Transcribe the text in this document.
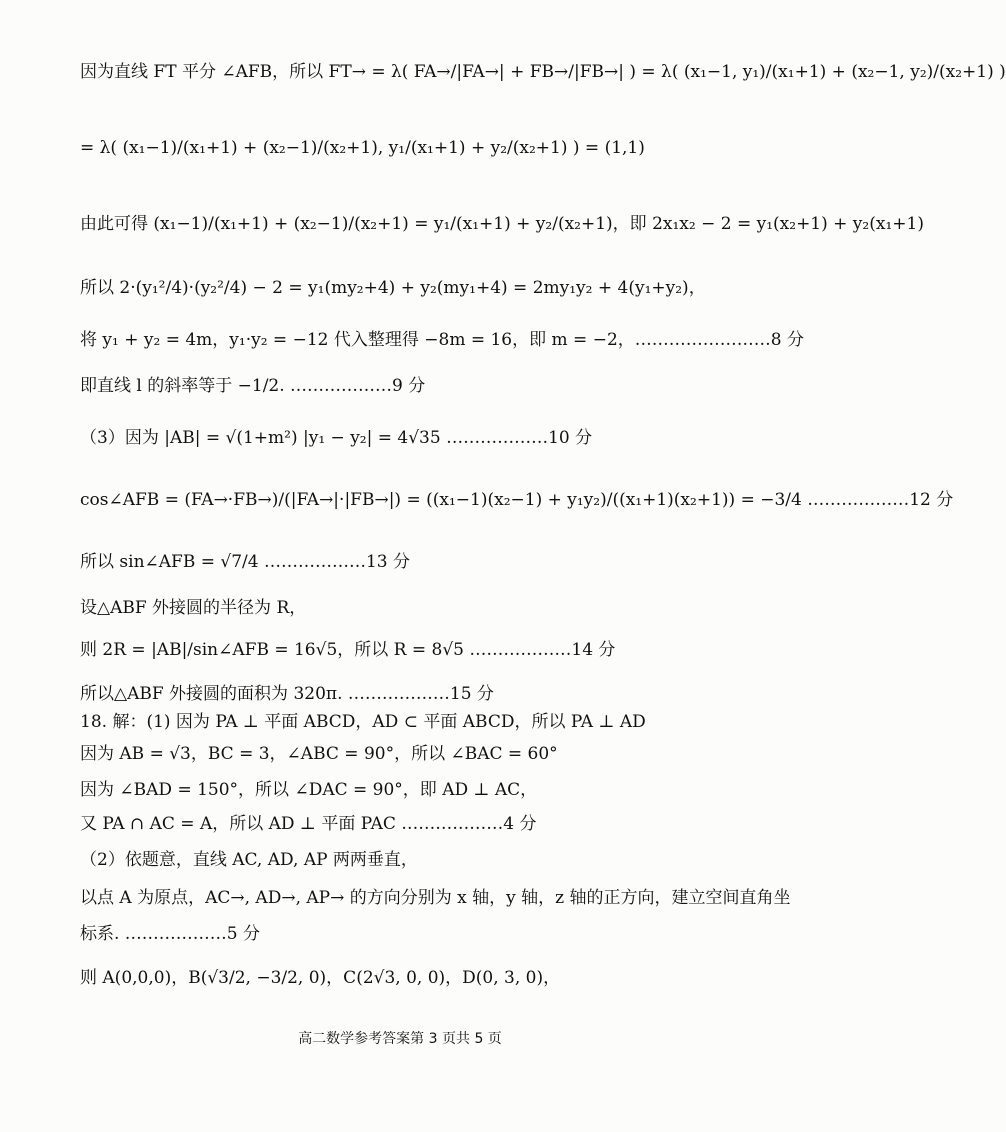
因为直线 FT 平分 ∠AFB，所以 FT→ = λ( FA→/|FA→| + FB→/|FB→| ) = λ( (x₁−1, y₁)/(x₁+1) + (x₂−1, y₂)/(x₂+1) )
= λ( (x₁−1)/(x₁+1) + (x₂−1)/(x₂+1), y₁/(x₁+1) + y₂/(x₂+1) ) = (1,1)
由此可得 (x₁−1)/(x₁+1) + (x₂−1)/(x₂+1) = y₁/(x₁+1) + y₂/(x₂+1)，即 2x₁x₂ − 2 = y₁(x₂+1) + y₂(x₁+1)
所以 2·(y₁²/4)·(y₂²/4) − 2 = y₁(my₂+4) + y₂(my₁+4) = 2my₁y₂ + 4(y₁+y₂)，
将 y₁ + y₂ = 4m，y₁·y₂ = −12 代入整理得 −8m = 16，即 m = −2，……………………8 分
即直线 l 的斜率等于 −1/2. ………………9 分
（3）因为 |AB| = √(1+m²) |y₁ − y₂| = 4√35 ………………10 分
cos∠AFB = (FA→·FB→)/(|FA→|·|FB→|) = ((x₁−1)(x₂−1) + y₁y₂)/((x₁+1)(x₂+1)) = −3/4 ………………12 分
所以 sin∠AFB = √7/4 ………………13 分
设△ABF 外接圆的半径为 R，
则 2R = |AB|/sin∠AFB = 16√5，所以 R = 8√5 ………………14 分
所以△ABF 外接圆的面积为 320π. ………………15 分
18. 解：(1) 因为 PA ⊥ 平面 ABCD，AD ⊂ 平面 ABCD，所以 PA ⊥ AD
因为 AB = √3，BC = 3，∠ABC = 90°，所以 ∠BAC = 60°
因为 ∠BAD = 150°，所以 ∠DAC = 90°，即 AD ⊥ AC，
又 PA ∩ AC = A，所以 AD ⊥ 平面 PAC ………………4 分
（2）依题意，直线 AC, AD, AP 两两垂直，
以点 A 为原点，AC→, AD→, AP→ 的方向分别为 x 轴，y 轴，z 轴的正方向，建立空间直角坐
标系. ………………5 分
则 A(0,0,0)，B(√3/2, −3/2, 0)，C(2√3, 0, 0)，D(0, 3, 0)，
高二数学参考答案第 3 页共 5 页
